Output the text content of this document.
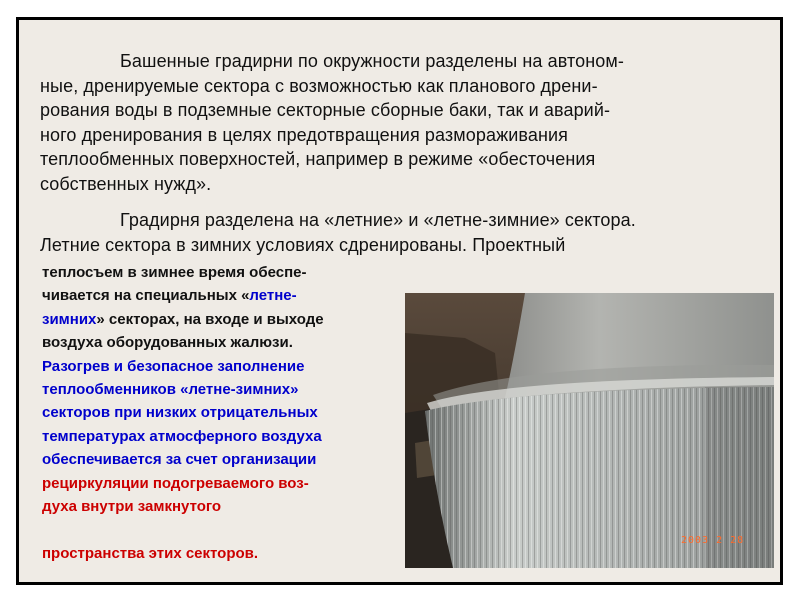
Башенные градирни по окружности разделены на автоном-
ные, дренируемые сектора с возможностью как планового дрени-
рования воды в подземные секторные сборные баки, так и аварий-
ного дренирования в целях предотвращения размораживания
теплообменных поверхностей, например в режиме «обесточения
собственных нужд».
Градирня разделена на «летние» и «летне-зимние» сектора.
Летние сектора в зимних условиях сдренированы. Проектный
теплосъем в зимнее время обеспе-
чивается на специальных «летне-
зимних» секторах, на входе и выходе
воздуха оборудованных жалюзи.
Разогрев и безопасное заполнение
теплообменников «летне-зимних»
секторов при низких отрицательных
температурах атмосферного воздуха
обеспечивается за счет организации
рециркуляции подогреваемого воз-
духа внутри замкнутого
пространства этих секторов.
2003 2 28
